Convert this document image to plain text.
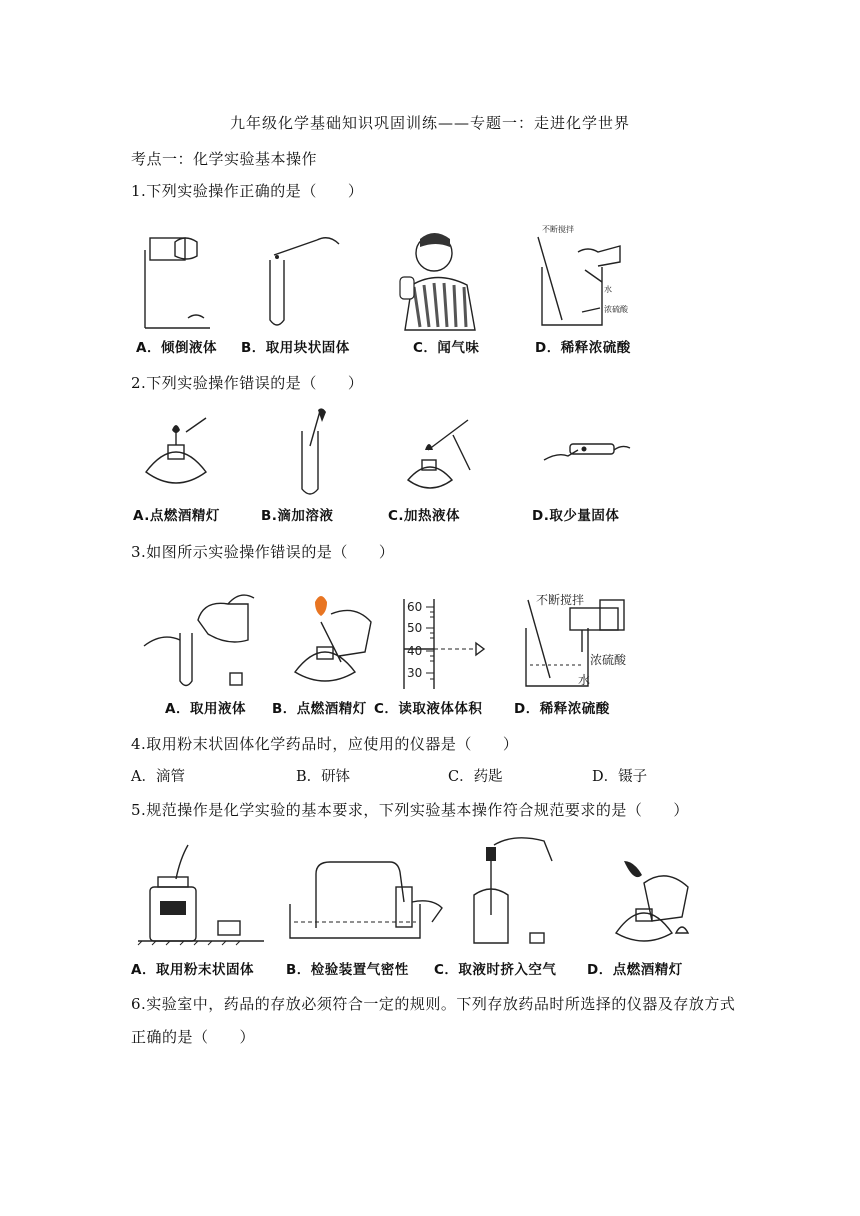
九年级化学基础知识巩固训练——专题一：走进化学世界
考点一：化学实验基本操作
1.下列实验操作正确的是（　　）
不断搅拌
水
浓硫酸
A．倾倒液体 B．取用块状固体	C．闻气味	D．稀释浓硫酸
2.下列实验操作错误的是（　　）
A.点燃酒精灯	B.滴加溶液	C.加热液体	D.取少量固体
3.如图所示实验操作错误的是（　　）
60
50
40
30
不断搅拌
浓硫酸
水
A．取用液体 B．点燃酒精灯 C．读取液体体积 D．稀释浓硫酸
4.取用粉末状固体化学药品时，应使用的仪器是（　　）
A．滴管	B．研钵	C．药匙	D．镊子
5.规范操作是化学实验的基本要求，下列实验基本操作符合规范要求的是（　　）
A．取用粉末状固体 B．检验装置气密性 C．取液时挤入空气 D．点燃酒精灯
6.实验室中，药品的存放必须符合一定的规则。下列存放药品时所选择的仪器及存放方式
正确的是（　　）
